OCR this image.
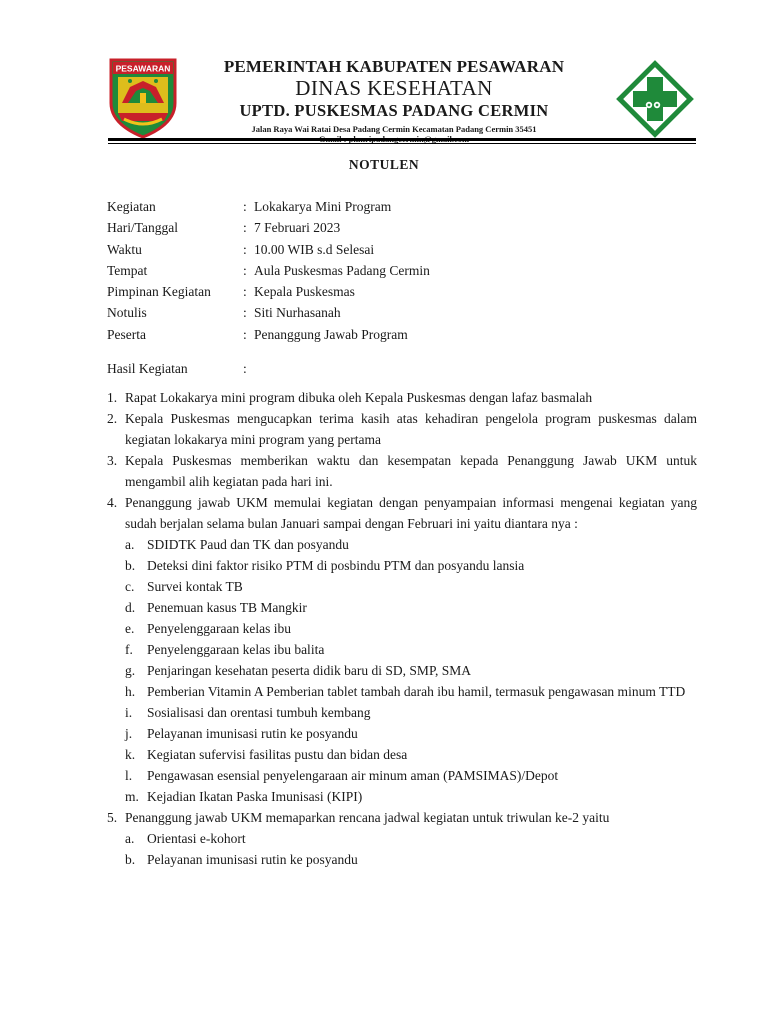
PESAWARAN	PEMERINTAH KABUPATEN PESAWARAN
DINAS KESEHATAN
UPTD. PUSKESMAS PADANG CERMIN
Jalan Raya Wai Ratai Desa Padang Cermin Kecamatan Padang Cermin 35451
NOTULEN
Kegiatan	: Lokakarya Mini Program
Hari/Tanggal	: 7 Februari 2023
Waktu	: 10.00 WIB s.d Selesai
Tempat	: Aula Puskesmas Padang Cermin
Pimpinan Kegiatan : Kepala Puskesmas
Notulis	: Siti Nurhasanah
Peserta	: Penanggung Jawab Program
Hasil Kegiatan	:
1. Rapat Lokakarya mini program dibuka oleh Kepala Puskesmas dengan lafaz basmalah
2. Kepala Puskesmas mengucapkan terima kasih atas kehadiran pengelola program puskesmas dalam kegiatan lokakarya mini program yang pertama
3. Kepala Puskesmas memberikan waktu dan kesempatan kepada Penanggung Jawab UKM untuk mengambil alih kegiatan pada hari ini.
4. Penanggung jawab UKM memulai kegiatan dengan penyampaian informasi mengenai kegiatan yang sudah berjalan selama bulan Januari sampai dengan Februari ini yaitu diantara nya :
a. SDIDTK Paud dan TK dan posyandu
b. Deteksi dini faktor risiko PTM di posbindu PTM dan posyandu lansia
c. Survei kontak TB
d. Penemuan kasus TB Mangkir
e. Penyelenggaraan kelas ibu
f. Penyelenggaraan kelas ibu balita
g. Penjaringan kesehatan peserta didik baru di SD, SMP, SMA
h. Pemberian Vitamin A Pemberian tablet tambah darah ibu hamil, termasuk pengawasan minum TTD
i. Sosialisasi dan orentasi tumbuh kembang
j. Pelayanan imunisasi rutin ke posyandu
k. Kegiatan sufervisi fasilitas pustu dan bidan desa
l. Pengawasan esensial penyelengaraan air minum aman (PAMSIMAS)/Depot
m. Kejadian Ikatan Paska Imunisasi (KIPI)
5. Penanggung jawab UKM memaparkan rencana jadwal kegiatan untuk triwulan ke-2 yaitu
a. Orientasi e-kohort
b. Pelayanan imunisasi rutin ke posyandu
